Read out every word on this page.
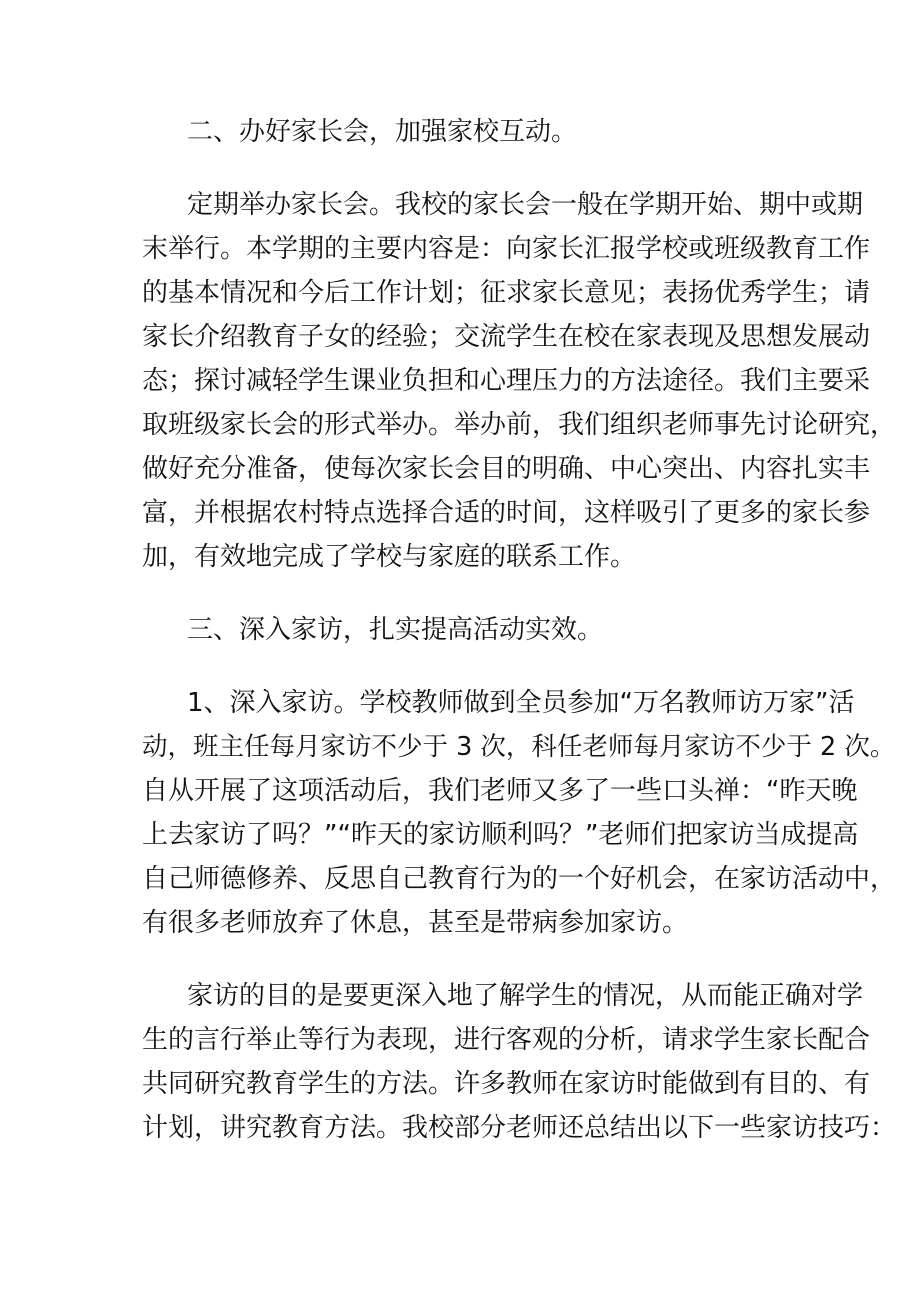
二、办好家长会，加强家校互动。
定期举办家长会。我校的家长会一般在学期开始、期中或期
末举行。本学期的主要内容是：向家长汇报学校或班级教育工作
的基本情况和今后工作计划；征求家长意见；表扬优秀学生；请
家长介绍教育子女的经验；交流学生在校在家表现及思想发展动
态；探讨减轻学生课业负担和心理压力的方法途径。我们主要采
取班级家长会的形式举办。举办前，我们组织老师事先讨论研究，
做好充分准备，使每次家长会目的明确、中心突出、内容扎实丰
富，并根据农村特点选择合适的时间，这样吸引了更多的家长参
加，有效地完成了学校与家庭的联系工作。
三、深入家访，扎实提高活动实效。
1、深入家访。学校教师做到全员参加“万名教师访万家”活
动，班主任每月家访不少于 3 次，科任老师每月家访不少于 2 次。
自从开展了这项活动后，我们老师又多了一些口头禅：“昨天晚
上去家访了吗？”“昨天的家访顺利吗？”老师们把家访当成提高
自己师德修养、反思自己教育行为的一个好机会，在家访活动中，
有很多老师放弃了休息，甚至是带病参加家访。
家访的目的是要更深入地了解学生的情况，从而能正确对学
生的言行举止等行为表现，进行客观的分析，请求学生家长配合
共同研究教育学生的方法。许多教师在家访时能做到有目的、有
计划，讲究教育方法。我校部分老师还总结出以下一些家访技巧：
